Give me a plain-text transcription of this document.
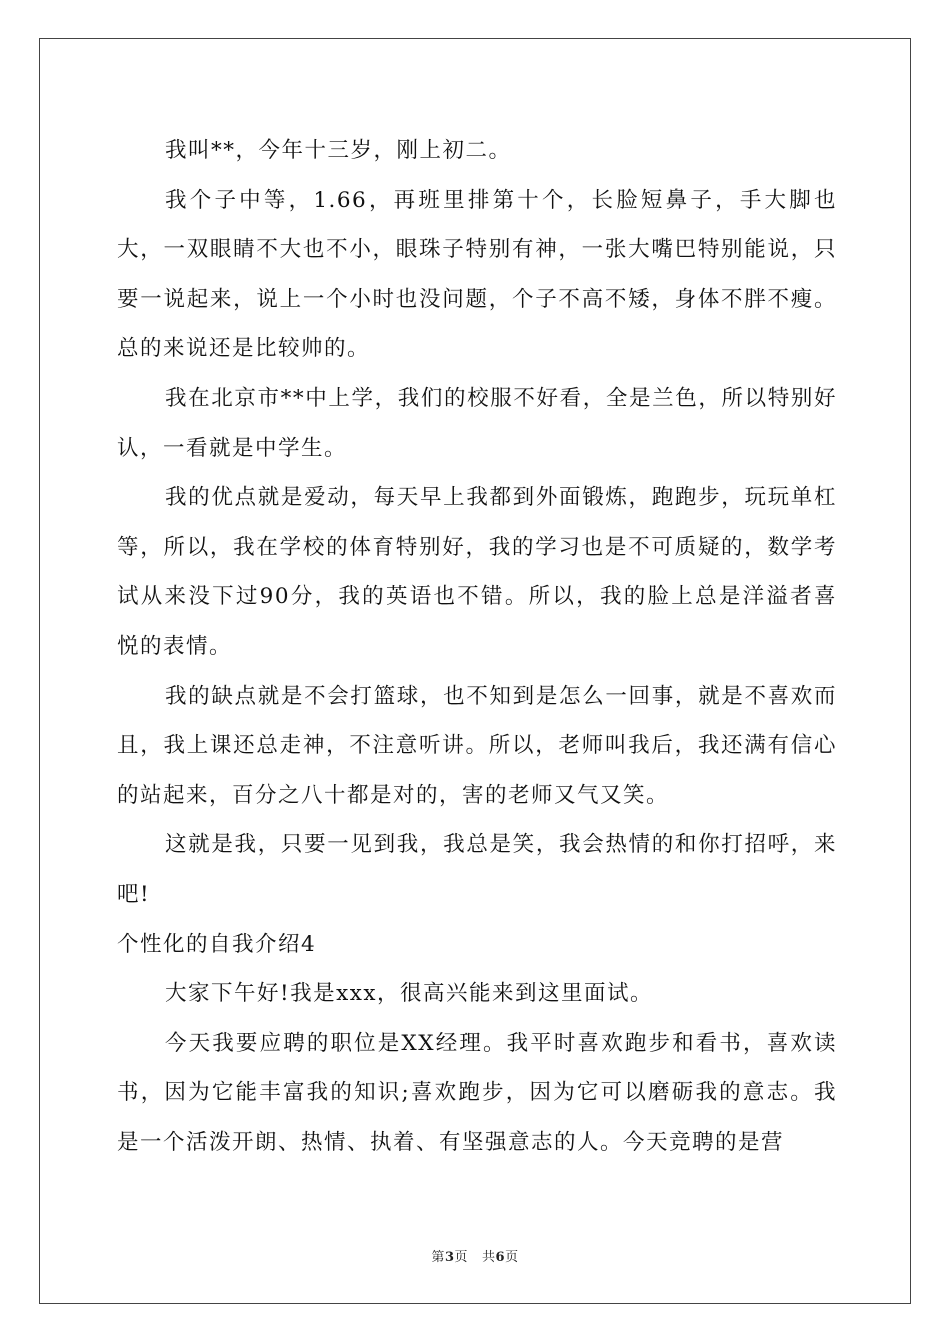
我叫**，今年十三岁，刚上初二。

我个子中等，1.66，再班里排第十个，长脸短鼻子，手大脚也大，一双眼睛不大也不小，眼珠子特别有神，一张大嘴巴特别能说，只要一说起来，说上一个小时也没问题，个子不高不矮，身体不胖不瘦。总的来说还是比较帅的。

我在北京市**中上学，我们的校服不好看，全是兰色，所以特别好认，一看就是中学生。

我的优点就是爱动，每天早上我都到外面锻炼，跑跑步，玩玩单杠等，所以，我在学校的体育特别好，我的学习也是不可质疑的，数学考试从来没下过90分，我的英语也不错。所以，我的脸上总是洋溢者喜悦的表情。

我的缺点就是不会打篮球，也不知到是怎么一回事，就是不喜欢而且，我上课还总走神，不注意听讲。所以，老师叫我后，我还满有信心的站起来，百分之八十都是对的，害的老师又气又笑。

这就是我，只要一见到我，我总是笑，我会热情的和你打招呼，来吧!

个性化的自我介绍4

大家下午好!我是xxx，很高兴能来到这里面试。

今天我要应聘的职位是XX经理。我平时喜欢跑步和看书，喜欢读书，因为它能丰富我的知识;喜欢跑步，因为它可以磨砺我的意志。我是一个活泼开朗、热情、执着、有坚强意志的人。今天竞聘的是营

第3页 共6页
